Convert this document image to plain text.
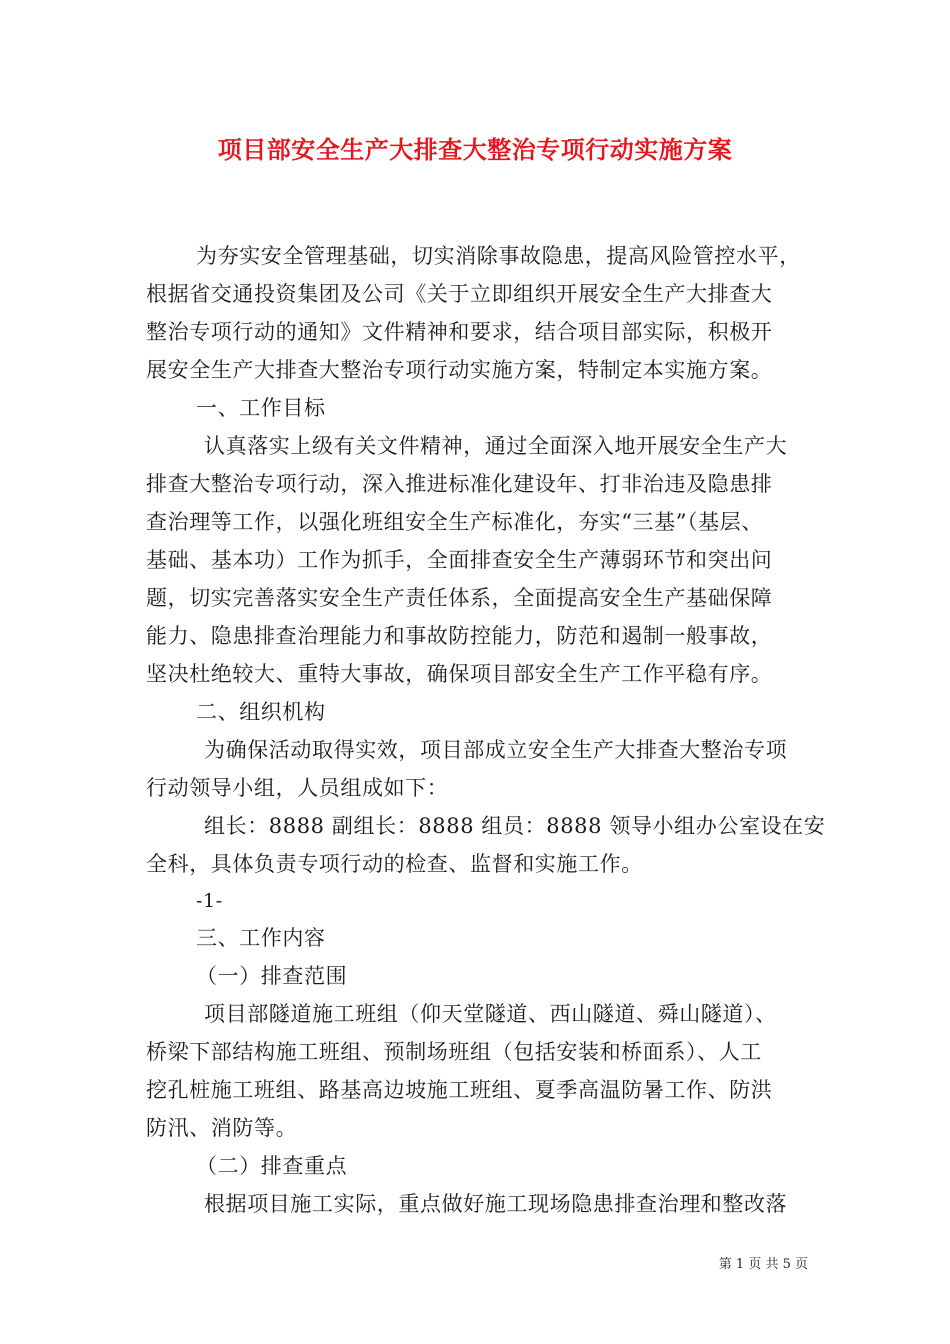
项目部安全生产大排查大整治专项行动实施方案
为夯实安全管理基础，切实消除事故隐患，提高风险管控水平，
根据省交通投资集团及公司《关于立即组织开展安全生产大排查大
整治专项行动的通知》文件精神和要求，结合项目部实际，积极开
展安全生产大排查大整治专项行动实施方案，特制定本实施方案。
一、工作目标
认真落实上级有关文件精神，通过全面深入地开展安全生产大
排查大整治专项行动，深入推进标准化建设年、打非治违及隐患排
查治理等工作，以强化班组安全生产标准化，夯实“三基”（基层、
基础、基本功）工作为抓手，全面排查安全生产薄弱环节和突出问
题，切实完善落实安全生产责任体系，全面提高安全生产基础保障
能力、隐患排查治理能力和事故防控能力，防范和遏制一般事故，
坚决杜绝较大、重特大事故，确保项目部安全生产工作平稳有序。
二、组织机构
为确保活动取得实效，项目部成立安全生产大排查大整治专项
行动领导小组，人员组成如下：
组长：8888 副组长：8888 组员：8888 领导小组办公室设在安
全科，具体负责专项行动的检查、监督和实施工作。
-1-
三、工作内容
（一）排查范围
项目部隧道施工班组（仰天堂隧道、西山隧道、舜山隧道）、
桥梁下部结构施工班组、预制场班组（包括安装和桥面系）、人工
挖孔桩施工班组、路基高边坡施工班组、夏季高温防暑工作、防洪
防汛、消防等。
（二）排查重点
根据项目施工实际，重点做好施工现场隐患排查治理和整改落
第 1 页 共 5 页
